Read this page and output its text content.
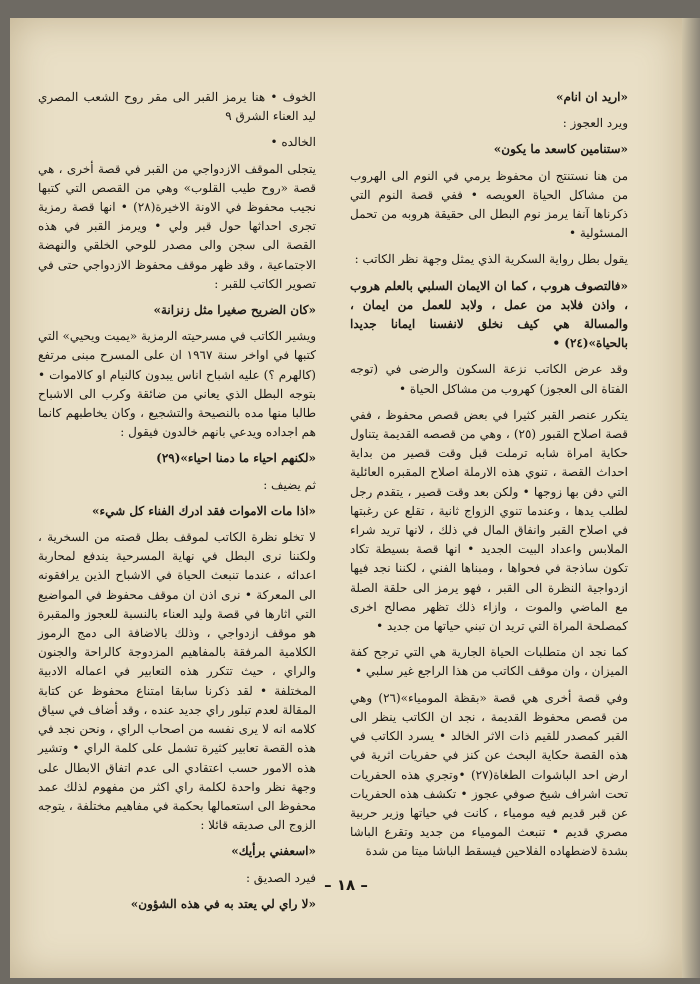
«اريد ان انام»

ويرد العجوز :

«ستنامين كاسعد ما يكون»

من هنا نستنتج ان محفوظ يرمي في النوم الى الهروب من مشاكل الحياة العويصه • ففي قصة النوم التي ذكرناها آنفا يرمز نوم البطل الى حقيقة هروبه من تحمل المسئولية •

يقول بطل رواية السكرية الذي يمثل وجهة نظر الكاتب :

«فالتصوف هروب ، كما ان الايمان السلبي بالعلم هروب ، واذن فلابد من عمل ، ولابد للعمل من ايمان ، والمسالة هي كيف نخلق لانفسنا ايمانا جديدا بالحياة»(٢٤) •

وقد عرض الكاتب نزعة السكون والرضى في (توجه الفتاة الى العجوز) كهروب من مشاكل الحياة •

يتكرر عنصر القبر كثيرا في بعض قصص محفوظ ، ففي قصة اصلاح القبور (٢٥) ، وهي من قصصه القديمة يتناول حكاية امراة شابه ترملت قبل وقت قصير من بداية احداث القصة ، تنوي هذه الارملة اصلاح المقبره العائلية التي دفن بها زوجها • ولكن بعد وقت قصير ، يتقدم رجل لطلب يدها ، وعندما تنوي الزواج ثانية ، تقلع عن رغبتها في اصلاح القبر وانفاق المال في ذلك ، لانها تريد شراء الملابس واعداد البيت الجديد • انها قصة بسيطة تكاد تكون ساذجة في فحواها ، ومبناها الفني ، لكننا نجد فيها ازدواجية النظرة الى القبر ، فهو يرمز الى حلقة الصلة مع الماضي والموت ، وازاء ذلك تظهر مصالح اخرى كمصلحة المراة التي تريد ان تبني حياتها من جديد •

كما نجد ان متطلبات الحياة الجارية هي التي ترجح كفة الميزان ، وان موقف الكاتب من هذا الراجع غير سلبي •

وفي قصة أخرى هي قصة «بقظة المومياء»(٢٦) وهي من قصص محفوظ القديمة ، نجد ان الكاتب ينظر الى القبر كمصدر للقيم ذات الاثر الخالد • يسرد الكاتب في هذه القصة حكاية البحث عن كنز في حفريات اثرية في ارض احد الباشوات الطغاة(٢٧) •وتجري هذه الحفريات تحت اشراف شيخ صوفي عجوز • تكشف هذه الحفريات عن قبر قديم فيه مومياء ، كانت في حياتها وزير حربية مصري قديم • تنبعث المومياء من جديد وتقرع الباشا بشدة لاضطهاده الفلاحين فيسقط الباشا ميتا من شدة

الخوف • هنا يرمز القبر الى مقر روح الشعب المصري ليد العناء الشرق ٩

الخالده •

يتجلى الموقف الازدواجي من القبر في قصة أخرى ، هي قصة «روح طيب القلوب» وهي من القصص التي كتبها نجيب محفوظ في الاونة الاخيرة(٢٨) • انها قصة رمزية تجرى احداثها حول قبر ولي • ويرمز القبر في هذه القصة الى سجن والى مصدر للوحي الخلقي والنهضة الاجتماعية ، وقد ظهر موقف محفوظ الازدواجي حتى في تصوير الكاتب للقبر :

«كان الضريح صغيرا مثل زنزانة»

ويشير الكاتب في مسرحيته الرمزية «يميت ويحيي» التي كتبها في اواخر سنة ١٩٦٧ ان على المسرح مبنى مرتفع (كالهرم ؟) عليه اشباح اناس يبدون كالنيام او كالاموات • بتوجه البطل الذي يعاني من ضائقة وكرب الى الاشباح طالبا منها مده بالنصيحة والتشجيع ، وكان يخاطبهم كانما هم اجداده ويدعي بانهم خالدون فيقول :

«لكنهم احياء ما دمنا احياء»(٢٩)

ثم يضيف :

«اذا مات الاموات فقد ادرك الفناء كل شيء»

لا تخلو نظرة الكاتب لموقف بطل قصته من السخرية ، ولكننا نرى البطل في نهاية المسرحية يندفع لمحاربة اعدائه ، عندما تنبعث الحياة في الاشباح الذين يرافقونه الى المعركة • نرى اذن ان موقف محفوظ في المواضيع التي اثارها في قصة وليد العناء بالنسبة للعجوز والمقبرة هو موقف ازدواجي ، وذلك بالاضافة الى دمج الرموز الكلامية المرفقة بالمفاهيم المزدوجة كالراحة والجنون والراي ، حيث تتكرر هذه التعابير في اعماله الادبية المختلفة • لقد ذكرنا سابقا امتناع محفوظ عن كتابة المقالة لعدم تبلور راي جديد عنده ، وقد أضاف في سياق كلامه انه لا يرى نفسه من اصحاب الراي ، ونحن نجد في هذه القصة تعابير كثيرة تشمل على كلمة الراي • وتشير هذه الامور حسب اعتقادي الى عدم اتفاق الابطال على وجهة نظر واحدة لكلمة راي اكثر من مفهوم لذلك عمد محفوظ الى استعمالها بحكمة في مفاهيم مختلفة ، يتوجه الزوج الى صديقه قائلا :

«اسعفني برأيك»

فيرد الصديق :

«لا راي لي يعتد به في هذه الشؤون»

– ١٨ –
